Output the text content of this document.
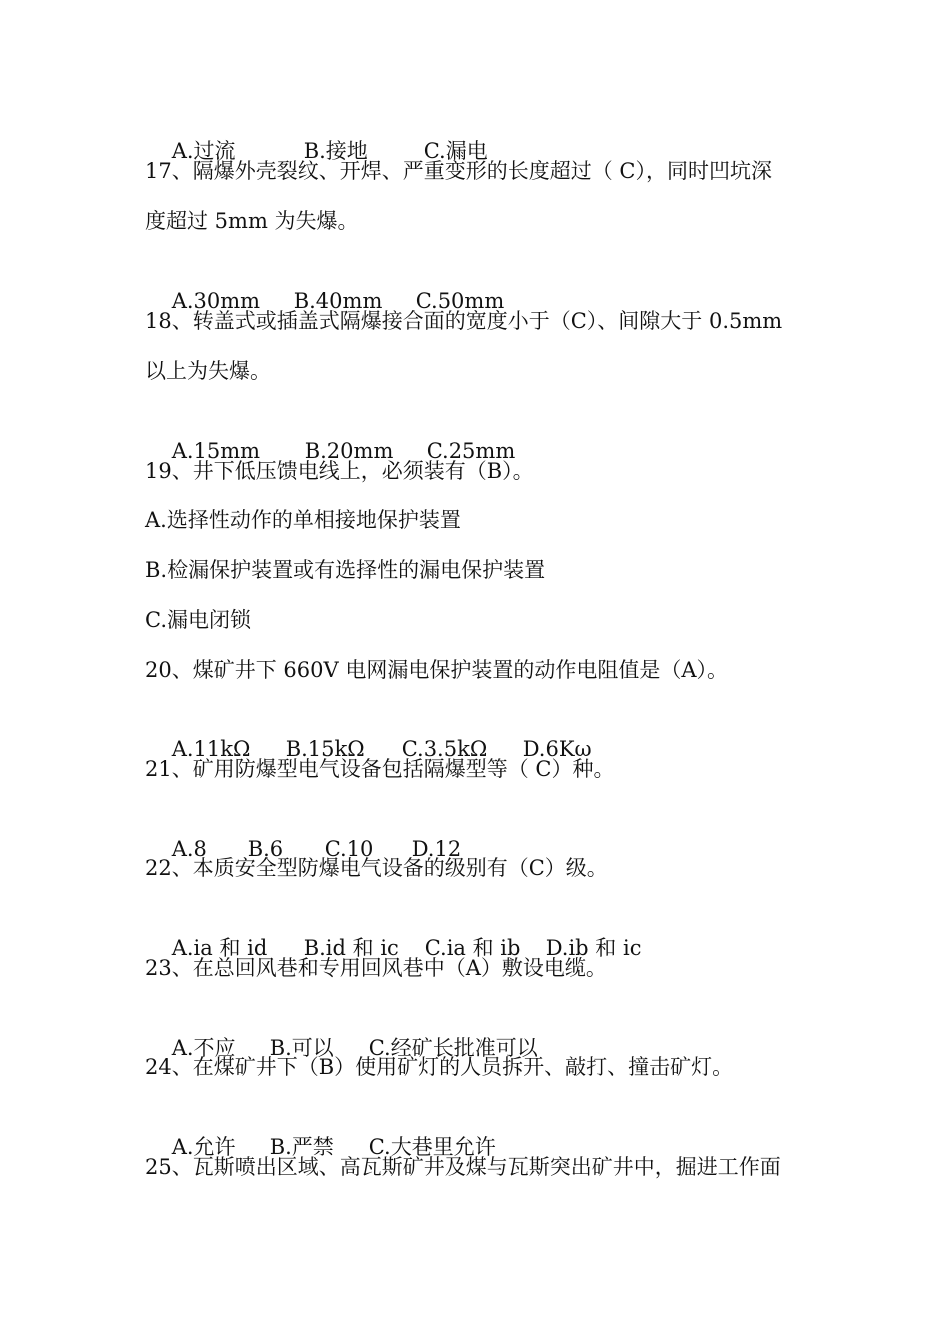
A.过流	B.接地	C.漏电

17、隔爆外壳裂纹、开焊、严重变形的长度超过（ C），同时凹坑深
度超过 5mm 为失爆。

A.30mm B.40mm C.50mm

18、转盖式或插盖式隔爆接合面的宽度小于（C）、间隙大于 0.5mm
以上为失爆。

A.15mm B.20mm C.25mm

19、井下低压馈电线上，必须装有（B）。
A.选择性动作的单相接地保护装置
B.检漏保护装置或有选择性的漏电保护装置
C.漏电闭锁
20、煤矿井下 660V 电网漏电保护装置的动作电阻值是（A）。

A.11kΩ B.15kΩ C.3.5kΩ D.6Kω

21、矿用防爆型电气设备包括隔爆型等（ C）种。

A.8 B.6 C.10 D.12

22、本质安全型防爆电气设备的级别有（C）级。

A.ia 和 id B.id 和 ic C.ia 和 ib D.ib 和 ic

23、在总回风巷和专用回风巷中（A）敷设电缆。

A.不应 B.可以 C.经矿长批准可以

24、在煤矿井下（B）使用矿灯的人员拆开、敲打、撞击矿灯。

A.允许 B.严禁 C.大巷里允许

25、瓦斯喷出区域、高瓦斯矿井及煤与瓦斯突出矿井中，掘进工作面
